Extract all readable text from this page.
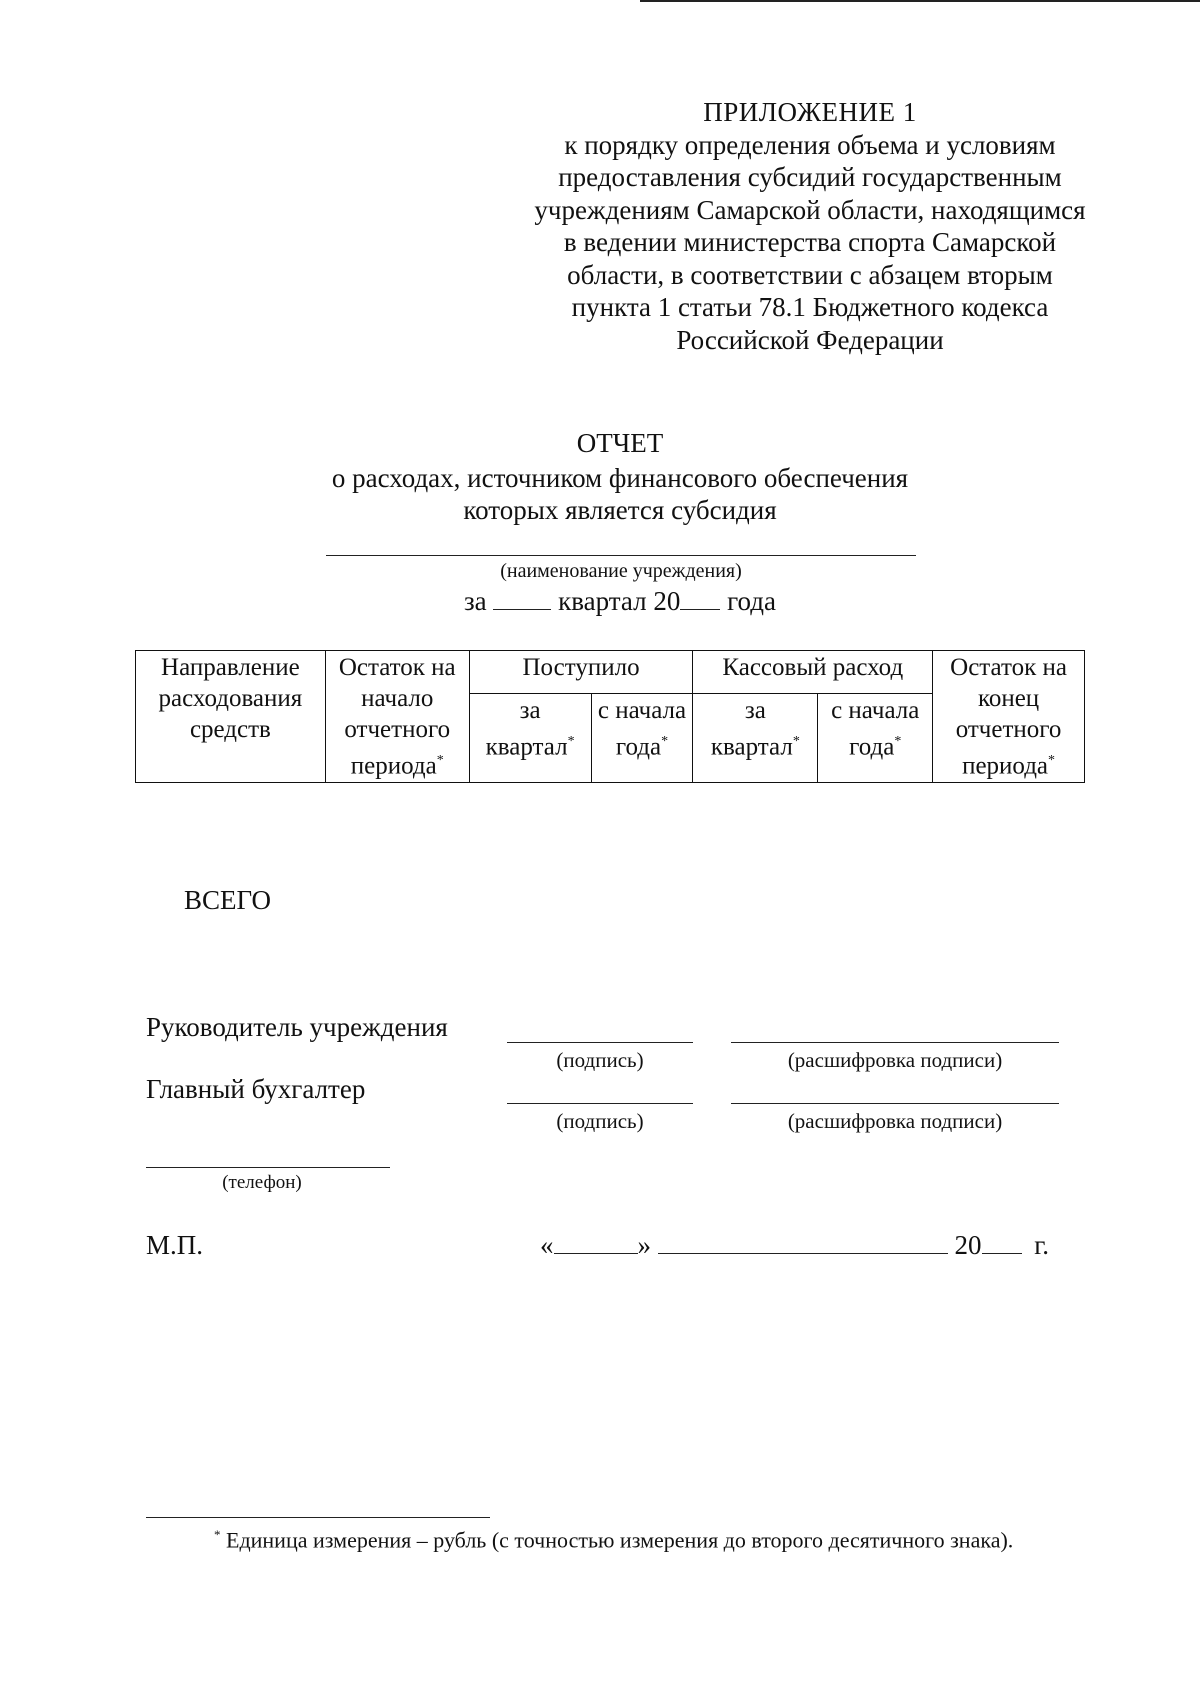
ПРИЛОЖЕНИЕ 1
к порядку определения объема и условиям
предоставления субсидий государственным
учреждениям Самарской области, находящимся
в ведении министерства спорта Самарской
области, в соответствии с абзацем вторым
пункта 1 статьи 78.1 Бюджетного кодекса
Российской Федерации
ОТЧЕТ
о расходах, источником финансового обеспечения
которых является субсидия
(наименование учреждения)
за	квартал 20 года
Направление расходования средств	Остаток на начало отчетного периода*	Поступило		Кассовый расход		Остаток на конец отчетного периода*
		за квартал*	с начала года*	за квартал*	с начала года*
ВСЕГО
Руководитель учреждения
(подпись)	(расшифровка подписи)
Главный бухгалтер
(подпись)	(расшифровка подписи)
(телефон)
М.П.	«	»	20 г.
* Единица измерения – рубль (с точностью измерения до второго десятичного знака).
